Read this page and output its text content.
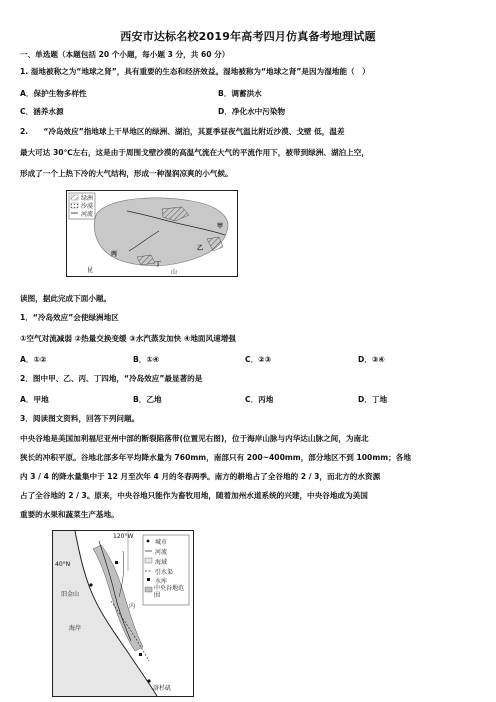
西安市达标名校2019年高考四月仿真备考地理试题
一、单选题（本题包括 20 个小题，每小题 3 分，共 60 分）
1. 湿地被称之为“地球之肾”，具有重要的生态和经济效益。湿地被称为“地球之肾”是因为湿地能（　）
A．保护生物多样性	B．调蓄洪水
C．涵养水源	D．净化水中污染物
2.　　“冷岛效应”指地球上干旱地区的绿洲、湖泊，其夏季昼夜气温比附近沙漠、戈壁 低，温差
最大可达 30℃左右，这是由于周围戈壁沙漠的高温气流在大气的平流作用下，被带到绿洲、湖泊上空，
形成了一个上热下冷的大气结构，形成一种湿润凉爽的小气候。
绿洲
沙漠
河流
甲
乙
丙
丁
昆	山
读图，据此完成下面小题。
1．“冷岛效应”会使绿洲地区
①空气对流减弱 ②热量交换变缓 ③水汽蒸发加快 ④地面风速增强
A．①②	B．①④	C．②③	D．③④
2．图中甲、乙、丙、丁四地，“冷岛效应”最显著的是
A．甲地	B．乙地	C．丙地	D．丁地
3．阅读图文资料，回答下列问题。
中央谷地是美国加利福尼亚州中部的断裂陷落带(位置见右图)，位于海岸山脉与内华达山脉之间，为南北
狭长的冲积平原。谷地北部多年平均降水量为 760mm，南部只有 200~400mm，部分地区不到 100mm；各地
内 3 / 4 的降水量集中于 12 月至次年 4 月的冬春两季。南方的耕地占了全谷地的 2 / 3，而北方的水资源
占了全谷地的 2 / 3。原来，中央谷地只能作为畜牧用地，随着加州水道系统的兴建，中央谷地成为美国
重要的水果和蔬菜生产基地。
120°W
40°N
城市
河流
海域
引水渠
水库
中央谷地范围
旧金山
海岸
内
洛杉矶
